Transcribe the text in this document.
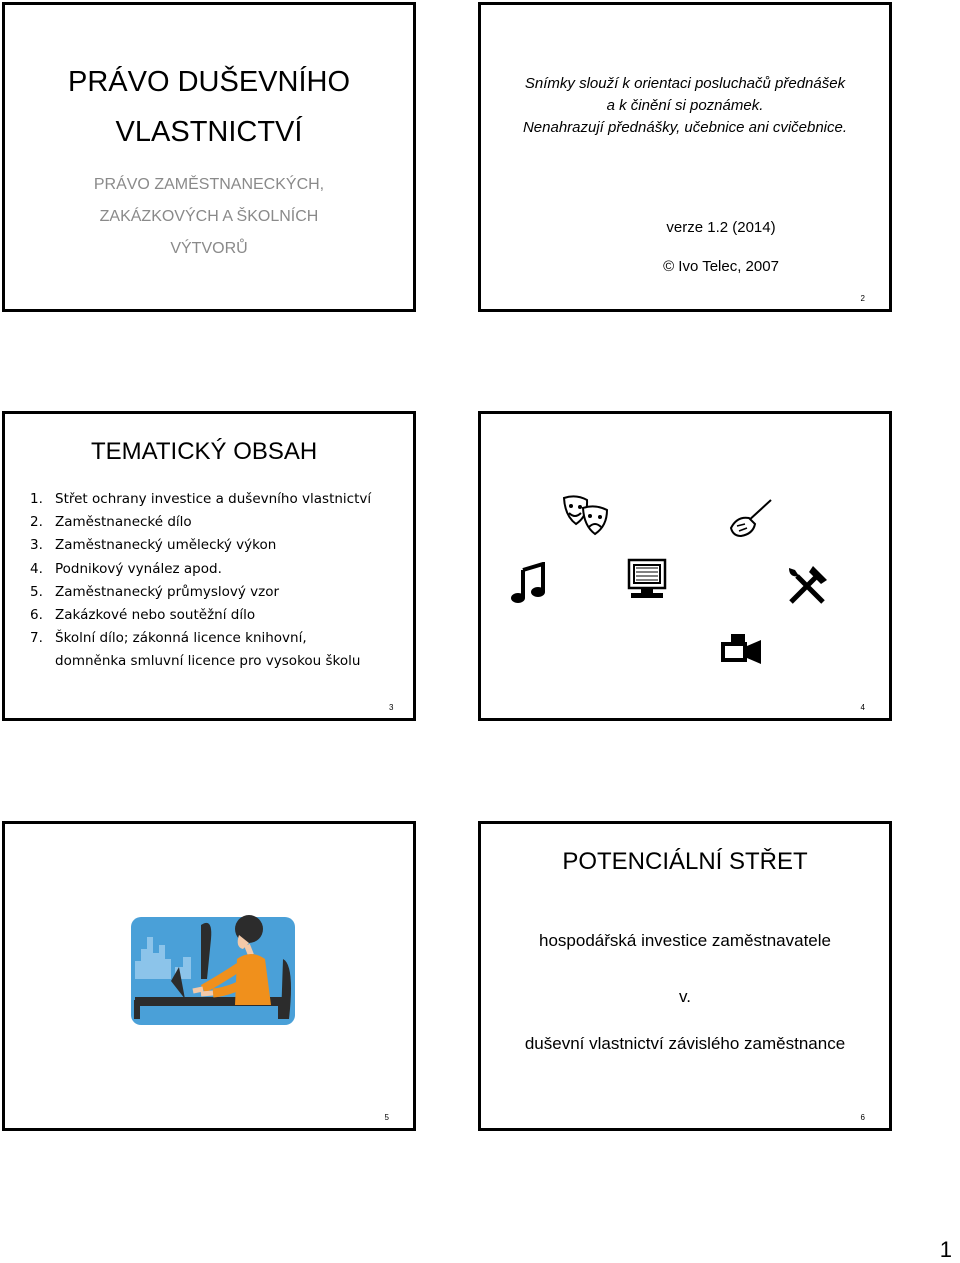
PRÁVO DUŠEVNÍHO
VLASTNICTVÍ
PRÁVO ZAMĚSTNANECKÝCH,
ZAKÁZKOVÝCH A ŠKOLNÍCH
VÝTVORŮ
Snímky slouží k orientaci posluchačů přednášek
a k činění si poznámek.
Nenahrazují přednášky, učebnice ani cvičebnice.
verze 1.2 (2014)
© Ivo Telec, 2007
2
TEMATICKÝ OBSAH
1. Střet ochrany investice a duševního vlastnictví
2. Zaměstnanecké dílo
3. Zaměstnanecký umělecký výkon
4. Podnikový vynález apod.
5. Zaměstnanecký průmyslový vzor
6. Zakázkové nebo soutěžní dílo
7. Školní dílo; zákonná licence knihovní,
domněnka smluvní licence pro vysokou školu
3	4
5
POTENCIÁLNÍ STŘET
hospodářská investice zaměstnavatele
v.
duševní vlastnictví závislého zaměstnance
6
1
